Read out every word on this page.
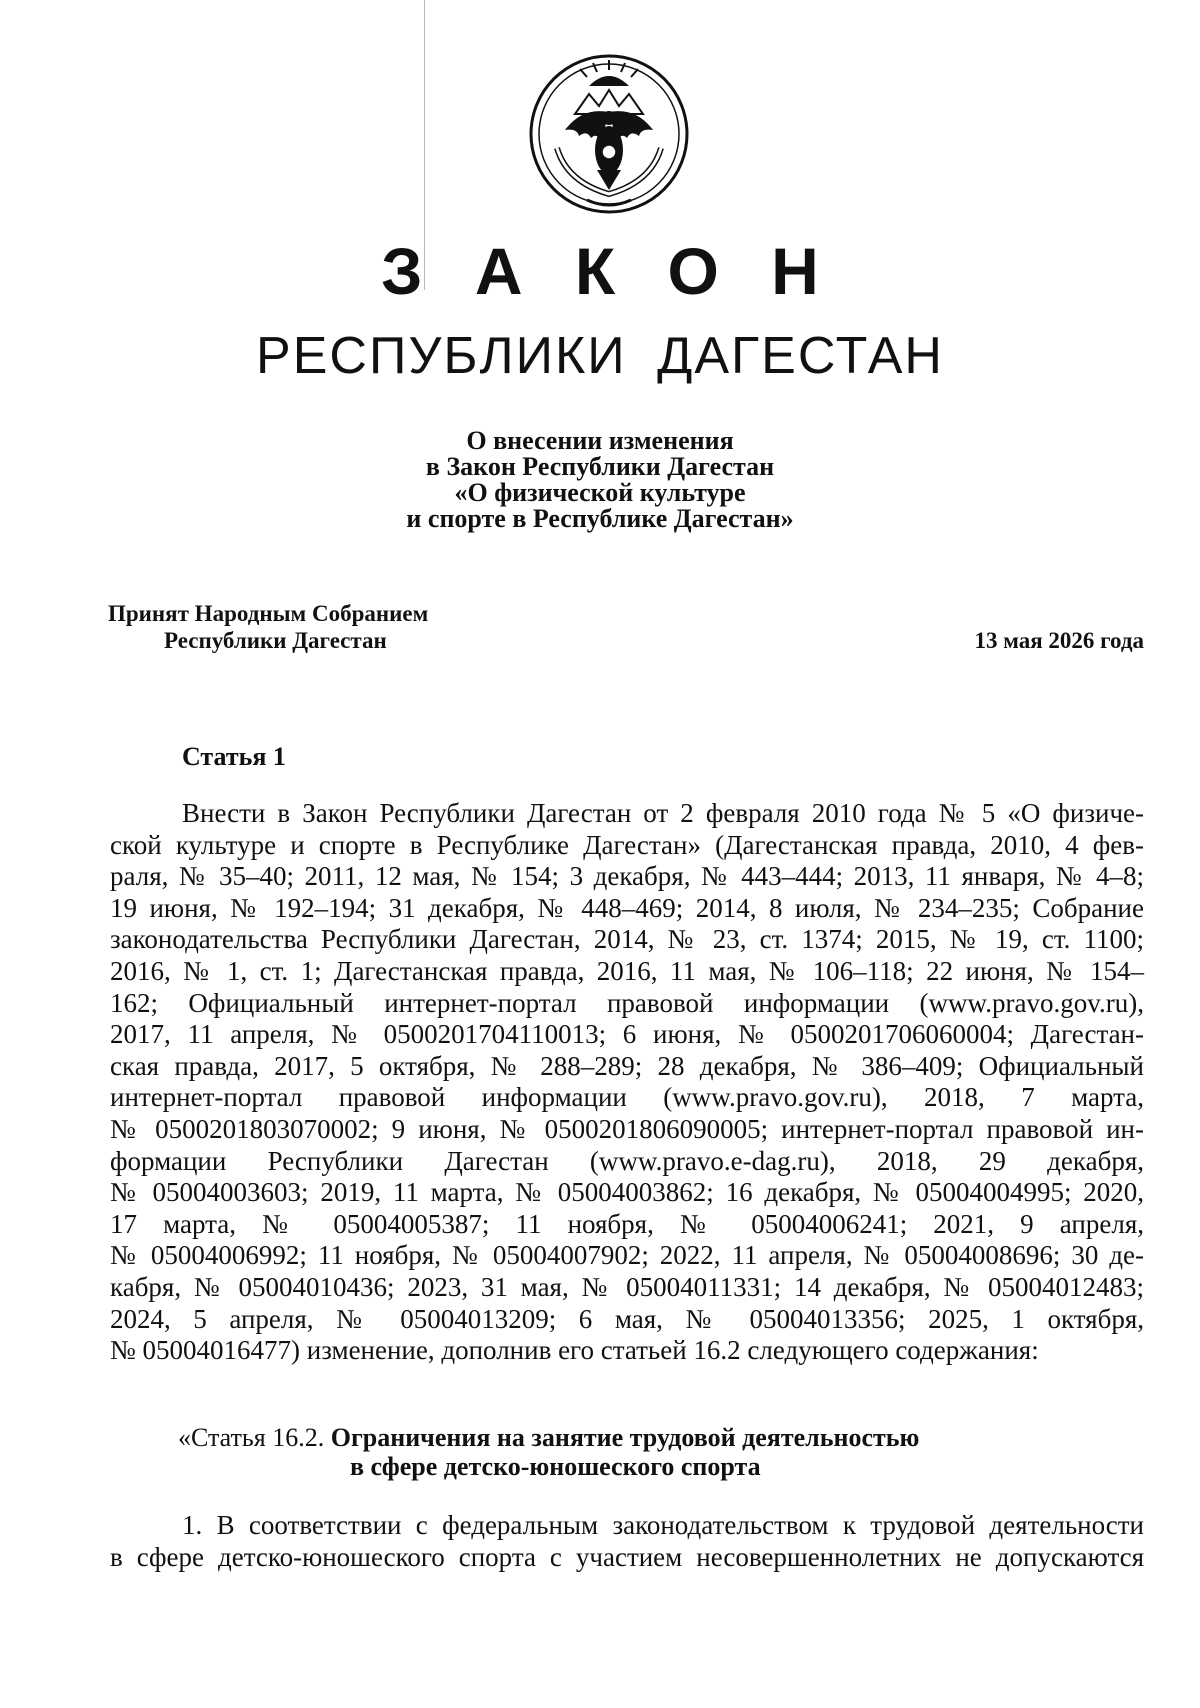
З А К О Н
РЕСПУБЛИКИ ДАГЕСТАН
О внесении изменения
в Закон Республики Дагестан
«О физической культуре
и спорте в Республике Дагестан»
Принят Народным Собранием
Республики Дагестан	13 мая 2026 года
Статья 1
Внести в Закон Республики Дагестан от 2 февраля 2010 года № 5 «О физиче-
ской культуре и спорте в Республике Дагестан» (Дагестанская правда, 2010, 4 фев-
раля, № 35–40; 2011, 12 мая, № 154; 3 декабря, № 443–444; 2013, 11 января, № 4–8;
19 июня, № 192–194; 31 декабря, № 448–469; 2014, 8 июля, № 234–235; Собрание
законодательства Республики Дагестан, 2014, № 23, ст. 1374; 2015, № 19, ст. 1100;
2016, № 1, ст. 1; Дагестанская правда, 2016, 11 мая, № 106–118; 22 июня, № 154–
162; Официальный интернет-портал правовой информации (www.pravo.gov.ru),
2017, 11 апреля, № 0500201704110013; 6 июня, № 0500201706060004; Дагестан-
ская правда, 2017, 5 октября, № 288–289; 28 декабря, № 386–409; Официальный
интернет-портал правовой информации (www.pravo.gov.ru), 2018, 7 марта,
№ 0500201803070002; 9 июня, № 0500201806090005; интернет-портал правовой ин-
формации Республики Дагестан (www.pravo.e-dag.ru), 2018, 29 декабря,
№ 05004003603; 2019, 11 марта, № 05004003862; 16 декабря, № 05004004995; 2020,
17 марта, № 05004005387; 11 ноября, № 05004006241; 2021, 9 апреля,
№ 05004006992; 11 ноября, № 05004007902; 2022, 11 апреля, № 05004008696; 30 де-
кабря, № 05004010436; 2023, 31 мая, № 05004011331; 14 декабря, № 05004012483;
2024, 5 апреля, № 05004013209; 6 мая, № 05004013356; 2025, 1 октября,
№ 05004016477) изменение, дополнив его статьей 16.2 следующего содержания:
«Статья 16.2. Ограничения на занятие трудовой деятельностью
в сфере детско-юношеского спорта
1. В соответствии с федеральным законодательством к трудовой деятельности
в сфере детско-юношеского спорта с участием несовершеннолетних не допускаются
